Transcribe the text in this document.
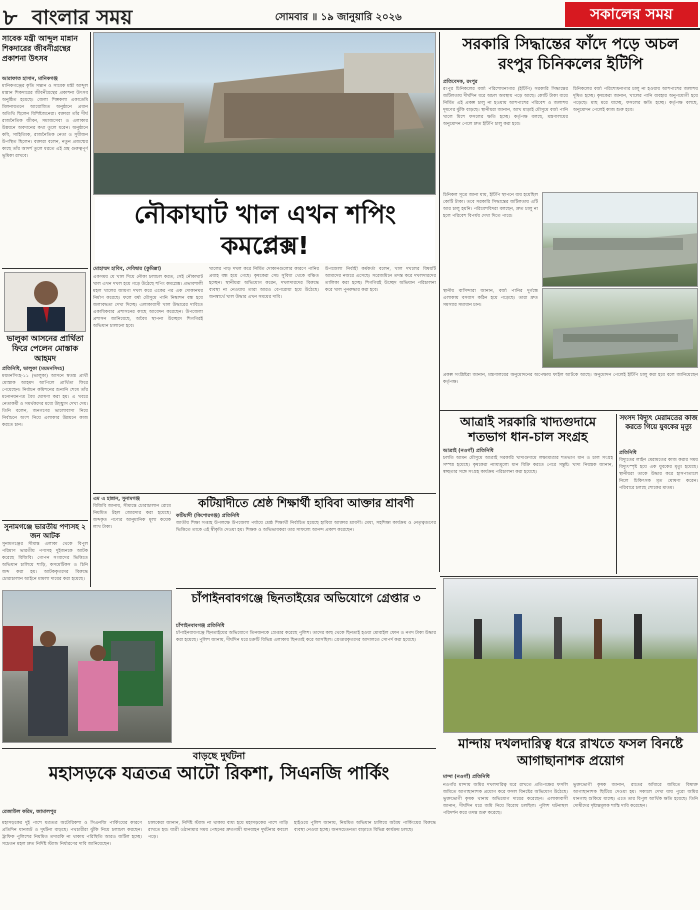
৮ বাংলার সময়	সোমবার ॥ ১৯ জানুয়ারি ২০২৬	সকালের সময়
সাবেক মন্ত্রী আব্দুল মান্নান শিকদারের জীবনীগ্রন্থের প্রকাশনা উৎসব
আরাফাত হাসান, মানিকগঞ্জ
মানিকগঞ্জের কৃতি সন্তান ও সাবেক মন্ত্রী আব্দুল মান্নান শিকদারের জীবনীগ্রন্থের প্রকাশনা উৎসব অনুষ্ঠিত হয়েছে। জেলা শিল্পকলা একাডেমি মিলনায়তনে আয়োজিত অনুষ্ঠানে প্রধান অতিথি ছিলেন বিশিষ্টজনেরা। বক্তারা তাঁর দীর্ঘ রাজনৈতিক জীবন, সমাজসেবা ও এলাকার উন্নয়নে অবদানের কথা তুলে ধরেন। অনুষ্ঠানে কবি, সাহিত্যিক, রাজনৈতিক নেতা ও সুধীজন উপস্থিত ছিলেন। বক্তারা বলেন, নতুন প্রজন্মের কাছে তাঁর আদর্শ তুলে ধরতে এই গ্রন্থ গুরুত্বপূর্ণ ভূমিকা রাখবে।
নৌকাঘাট খাল এখন শপিং কমপ্লেক্স!
সরকারি সিদ্ধান্তের ফাঁদে পড়ে অচল রংপুর চিনিকলের ইটিপি
প্রতিবেদক, রংপুর
রংপুর চিনিকলের বর্জ্য পরিশোধনাগার (ইটিপি) সরকারি সিদ্ধান্তের জটিলতায় দীর্ঘদিন ধরে অচল অবস্থায় পড়ে আছে। কোটি টাকা ব্যয়ে নির্মিত এই প্রকল্প চালু না হওয়ায় আশপাশের পরিবেশ ও জলাশয় দূষণের ঝুঁকি বাড়ছে। স্থানীয়রা জানান, আখ মাড়াই মৌসুমে বর্জ্য পানি খালে মিশে ফসলের ক্ষতি হচ্ছে। কর্তৃপক্ষ বলছে, মন্ত্রণালয়ের অনুমোদন পেলে দ্রুত ইটিপি চালু করা হবে।
চিনিকলের বর্জ্য পরিশোধনাগার চালু না হওয়ায় আশপাশের জলাশয় দূষিত হচ্ছে। কৃষকেরা জানান, খালের পানি ব্যবহার অনুপযোগী হয়ে পড়েছে। মাছ মরে যাচ্ছে, ফসলের ক্ষতি হচ্ছে। কর্তৃপক্ষ বলছে, অনুমোদন পেলেই কাজ শুরু হবে।
চিনিকল সূত্রে জানা যায়, ইটিপি স্থাপনে ব্যয় হয়েছিল কোটি টাকা। তবে সরকারি সিদ্ধান্তের জটিলতায় এটি আর চালু হয়নি। পরিবেশবিদরা বলছেন, দ্রুত চালু না হলে পরিবেশ বিপর্যয় দেখা দিতে পারে।
স্থানীয় বাসিন্দারা জানান, বর্জ্য পানির দুর্গন্ধে এলাকায় বসবাস কঠিন হয়ে পড়েছে। তারা দ্রুত সমস্যার সমাধান চান।
প্রকল্প সংশ্লিষ্টরা জানান, মন্ত্রণালয়ের অনুমোদনের অপেক্ষায় ফাইল আটকে আছে। অনুমোদন পেলেই ইটিপি চালু করা হবে বলে জানিয়েছেন কর্তৃপক্ষ।
মোহাম্মদ হাবিব, দেবিদ্বার (কুমিল্লা)
একসময় যে খাল দিয়ে নৌকা চলাচল করত, সেই নৌকাঘাট খাল এখন দখল হয়ে গড়ে উঠেছে শপিং কমপ্লেক্স। প্রভাবশালী মহল খালের জায়গা দখল করে একের পর এক দোকানঘর নির্মাণ করেছে। ফলে বর্ষা মৌসুমে পানি নিষ্কাশন বন্ধ হয়ে জলাবদ্ধতা দেখা দিচ্ছে। এলাকাবাসী খাল উদ্ধারের দাবিতে একাধিকবার প্রশাসনের কাছে আবেদন করেছেন। উপজেলা প্রশাসন জানিয়েছে, অবৈধ স্থাপনা উচ্ছেদে শিগগিরই অভিযান চালানো হবে।
খালের পাড় দখল করে নির্মিত দোকানগুলোর কারণে পানির প্রবাহ বন্ধ হয়ে গেছে। কৃষকেরা সেচ সুবিধা থেকে বঞ্চিত হচ্ছেন। স্থানীয়রা অভিযোগ করেন, দখলদারদের বিরুদ্ধে ব্যবস্থা না নেওয়ায় তারা আরও বেপরোয়া হয়ে উঠেছে। জনস্বার্থে খাল উদ্ধার এখন সময়ের দাবি।
উপজেলা নির্বাহী কর্মকর্তা বলেন, খাল দখলের বিষয়টি আমাদের নজরে এসেছে। সরেজমিনে তদন্ত করে দখলদারদের তালিকা করা হচ্ছে। শিগগিরই উচ্ছেদ অভিযান পরিচালনা করে খাল পুনরুদ্ধার করা হবে।
ভালুকা আসনের প্রার্থিতা ফিরে পেলেন মোস্তাক আহমদ
প্রতিনিধি, ভালুকা (ময়মনসিংহ)
ময়মনসিংহ-১১ (ভালুকা) আসনে স্বতন্ত্র প্রার্থী মোস্তাক আহমদ আপিলে প্রার্থিতা ফিরে পেয়েছেন। নির্বাচন কমিশনের শুনানি শেষে তাঁর মনোনয়নপত্র বৈধ ঘোষণা করা হয়। এ খবরে নেতাকর্মী ও সমর্থকদের মধ্যে উচ্ছ্বাস দেখা দেয়। তিনি বলেন, জনগণের ভালোবাসা নিয়ে নির্বাচনে অংশ নিয়ে এলাকার উন্নয়নে কাজ করতে চান।
সুনামগঞ্জে ভারতীয় পণ্যসহ ২ জন আটক
সুনামগঞ্জের সীমান্ত এলাকা থেকে বিপুল পরিমাণ ভারতীয় পণ্যসহ দুইজনকে আটক করেছে বিজিবি। গোপন সংবাদের ভিত্তিতে অভিযান চালিয়ে শাড়ি, কসমেটিকস ও চিনি জব্দ করা হয়। আটককৃতদের বিরুদ্ধে চোরাচালান আইনে মামলা দায়ের করা হয়েছে।
এম এ হান্নান, সুনামগঞ্জ
বিজিবি জানায়, সীমান্তে চোরাচালান রোধে নিয়মিত টহল জোরদার করা হয়েছে। জব্দকৃত পণ্যের আনুমানিক মূল্য কয়েক লাখ টাকা।
কটিয়াদীতে শ্রেষ্ঠ শিক্ষার্থী হাবিবা আক্তার শ্রাবণী
কটিয়াদী (কিশোরগঞ্জ) প্রতিনিধি
জাতীয় শিক্ষা সপ্তাহ উপলক্ষে উপজেলা পর্যায়ে শ্রেষ্ঠ শিক্ষার্থী নির্বাচিত হয়েছে হাবিবা আক্তার শ্রাবণী। মেধা, সহশিক্ষা কার্যক্রম ও নেতৃত্বগুণের ভিত্তিতে তাকে এই স্বীকৃতি দেওয়া হয়। শিক্ষক ও অভিভাবকরা তার সাফল্যে আনন্দ প্রকাশ করেছেন।
আত্রাই সরকারি খাদ্যগুদামে শতভাগ ধান-চাল সংগ্রহ
আত্রাই (নওগাঁ) প্রতিনিধি
চলতি আমন মৌসুমে আত্রাই সরকারি খাদ্যগুদামে লক্ষ্যমাত্রার শতভাগ ধান ও চাল সংগ্রহ সম্পন্ন হয়েছে। কৃষকেরা ন্যায্যমূল্যে ধান বিক্রি করতে পেরে সন্তুষ্ট। খাদ্য নিয়ন্ত্রক জানান, স্বচ্ছতার সঙ্গে সংগ্রহ কার্যক্রম পরিচালনা করা হয়েছে।
সংসদ বিদ্যুৎ মেরামতের কাজ করতে গিয়ে যুবকের মৃত্যু
প্রতিনিধি
বিদ্যুতের লাইন মেরামতের কাজ করার সময় বিদ্যুৎস্পৃষ্ট হয়ে এক যুবকের মৃত্যু হয়েছে। স্থানীয়রা তাকে উদ্ধার করে হাসপাতালে নিলে চিকিৎসক মৃত ঘোষণা করেন। পরিবারে চলছে শোকের মাতম।
চাঁপাইনবাবগঞ্জে ছিনতাইয়ের অভিযোগে গ্রেপ্তার ৩
চাঁপাইনবাবগঞ্জ প্রতিনিধি
চাঁপাইনবাবগঞ্জে ছিনতাইয়ের অভিযোগে তিনজনকে গ্রেপ্তার করেছে পুলিশ। তাদের কাছ থেকে ছিনতাই হওয়া মোবাইল ফোন ও নগদ টাকা উদ্ধার করা হয়েছে। পুলিশ জানায়, দীর্ঘদিন ধরে চক্রটি বিভিন্ন এলাকায় ছিনতাই করে আসছিল। গ্রেপ্তারকৃতদের আদালতে সোপর্দ করা হয়েছে।
বাড়ছে দুর্ঘটনা
মহাসড়কে যত্রতত্র আটো রিকশা, সিএনজি পার্কিং
রেজাউল করিম, জামালপুর
মহাসড়কের দুই পাশে যত্রতত্র অটোরিকশা ও সিএনজি পার্কিংয়ের কারণে প্রতিদিন যানজট ও দুর্ঘটনা বাড়ছে। পথচারীরা ঝুঁকি নিয়ে চলাচল করছেন। ট্রাফিক পুলিশের নিয়মিত তদারকি না থাকায় পরিস্থিতি আরও জটিল হচ্ছে। সচেতন মহল দ্রুত নির্দিষ্ট স্ট্যান্ড নির্ধারণের দাবি জানিয়েছেন।
চালকেরা জানান, নির্দিষ্ট স্ট্যান্ড না থাকায় বাধ্য হয়ে মহাসড়কের পাশে গাড়ি রাখতে হয়। যাত্রী ওঠানামার সময় পেছনের দ্রুতগামী যানবাহন দুর্ঘটনার কবলে পড়ে।
হাইওয়ে পুলিশ জানায়, নিয়মিত অভিযান চালিয়ে অবৈধ পার্কিংয়ের বিরুদ্ধে ব্যবস্থা নেওয়া হচ্ছে। জনসচেতনতা বাড়াতে বিভিন্ন কার্যক্রম চলছে।
মান্দায় দখলদারিত্ব ধরে রাখতে ফসল বিনষ্টে আগাছানাশক প্রয়োগ
মান্দা (নওগাঁ) প্রতিনিধি
নওগাঁর মান্দায় জমির দখলদারিত্ব ধরে রাখতে প্রতিপক্ষের ফসলি জমিতে আগাছানাশক প্রয়োগ করে ফসল বিনষ্টের অভিযোগ উঠেছে। ভুক্তভোগী কৃষক থানায় অভিযোগ দায়ের করেছেন। এলাকাবাসী জানান, দীর্ঘদিন ধরে জমি নিয়ে বিরোধ চলছিল। পুলিশ ঘটনাস্থল পরিদর্শন করে তদন্ত শুরু করেছে।
ভুক্তভোগী কৃষক জানান, রাতের আঁধারে জমিতে বিষাক্ত আগাছানাশক ছিটিয়ে দেওয়া হয়। সকালে দেখা যায় পুরো জমির ধানগাছ শুকিয়ে যাচ্ছে। এতে তার বিপুল আর্থিক ক্ষতি হয়েছে। তিনি দোষীদের দৃষ্টান্তমূলক শাস্তি দাবি করেছেন।
